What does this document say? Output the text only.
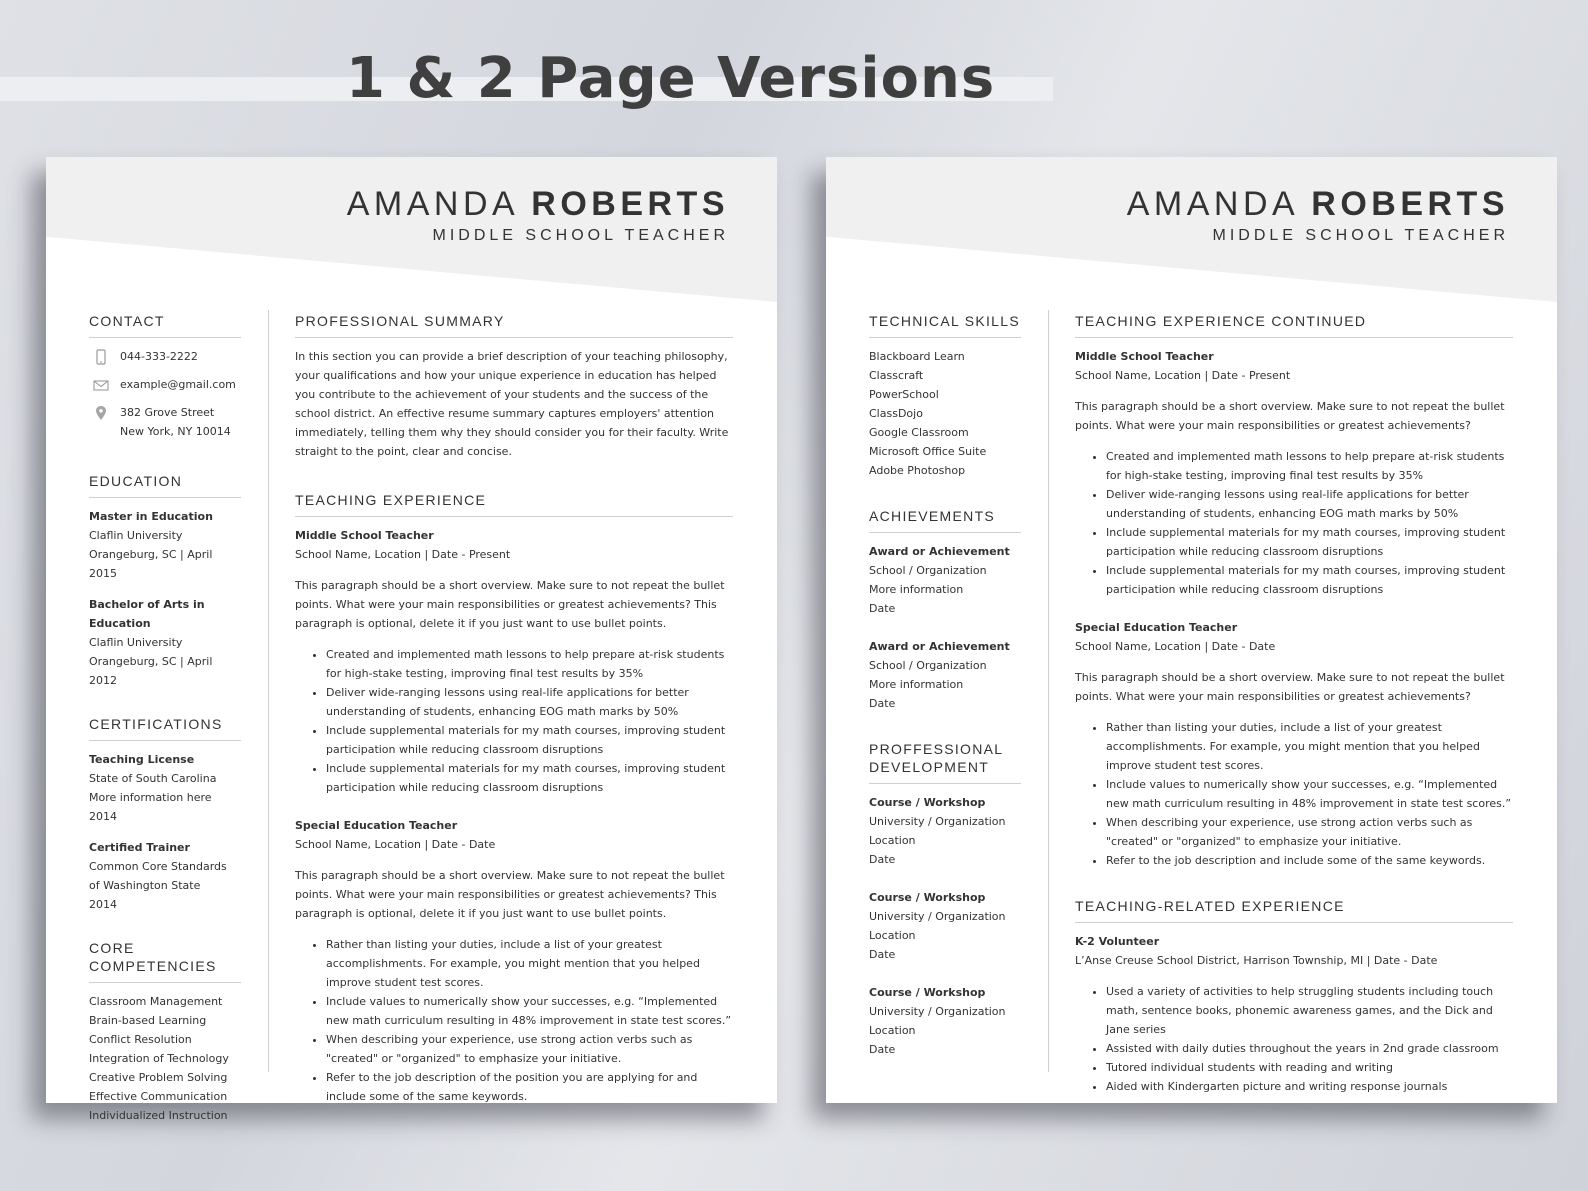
1 & 2 Page Versions
AMANDA ROBERTS
MIDDLE SCHOOL TEACHER
CONTACT
044-333-2222
example@gmail.com
382 Grove Street
New York, NY 10014
EDUCATION

Master in Education

Claflin University

Orangeburg, SC | April 2015

Bachelor of Arts in Education

Claflin University

Orangeburg, SC | April 2012

CERTIFICATIONS

Teaching License

State of South Carolina

More information here

2014

Certified Trainer

Common Core Standards

of Washington State

2014

CORE COMPETENCIES

Classroom Management

Brain-based Learning

Conflict Resolution

Integration of Technology

Creative Problem Solving

Effective Communication

Individualized Instruction

PROFESSIONAL SUMMARY

In this section you can provide a brief description of your teaching philosophy, your qualifications and how your unique experience in education has helped you contribute to the achievement of your students and the success of the school district. An effective resume summary captures employers' attention immediately, telling them why they should consider you for their faculty. Write straight to the point, clear and concise.

TEACHING EXPERIENCE

Middle School Teacher

School Name, Location | Date - Present

This paragraph should be a short overview. Make sure to not repeat the bullet points. What were your main responsibilities or greatest achievements? This paragraph is optional, delete it if you just want to use bullet points.

• Created and implemented math lessons to help prepare at-risk students for high-stake testing, improving final test results by 35%
• Deliver wide-ranging lessons using real-life applications for better understanding of students, enhancing EOG math marks by 50%
• Include supplemental materials for my math courses, improving student participation while reducing classroom disruptions
• Include supplemental materials for my math courses, improving student participation while reducing classroom disruptions

Special Education Teacher

School Name, Location | Date - Date

This paragraph should be a short overview. Make sure to not repeat the bullet points. What were your main responsibilities or greatest achievements? This paragraph is optional, delete it if you just want to use bullet points.

• Rather than listing your duties, include a list of your greatest accomplishments. For example, you might mention that you helped improve student test scores.
• Include values to numerically show your successes, e.g. “Implemented new math curriculum resulting in 48% improvement in state test scores.”
• When describing your experience, use strong action verbs such as "created" or "organized" to emphasize your initiative.
• Refer to the job description of the position you are applying for and include some of the same keywords.
AMANDA ROBERTS
MIDDLE SCHOOL TEACHER
TECHNICAL SKILLS

Blackboard Learn

Classcraft

PowerSchool

ClassDojo

Google Classroom

Microsoft Office Suite

Adobe Photoshop

ACHIEVEMENTS

Award or Achievement

School / Organization

More information

Date

Award or Achievement

School / Organization

More information

Date

PROFFESSIONAL DEVELOPMENT

Course / Workshop

University / Organization

Location

Date

Course / Workshop

University / Organization

Location

Date

Course / Workshop

University / Organization

Location

Date

TEACHING EXPERIENCE CONTINUED

Middle School Teacher

School Name, Location | Date - Present

This paragraph should be a short overview. Make sure to not repeat the bullet points. What were your main responsibilities or greatest achievements?

• Created and implemented math lessons to help prepare at-risk students for high-stake testing, improving final test results by 35%
• Deliver wide-ranging lessons using real-life applications for better understanding of students, enhancing EOG math marks by 50%
• Include supplemental materials for my math courses, improving student participation while reducing classroom disruptions
• Include supplemental materials for my math courses, improving student participation while reducing classroom disruptions

Special Education Teacher

School Name, Location | Date - Date

This paragraph should be a short overview. Make sure to not repeat the bullet points. What were your main responsibilities or greatest achievements?

• Rather than listing your duties, include a list of your greatest accomplishments. For example, you might mention that you helped improve student test scores.
• Include values to numerically show your successes, e.g. “Implemented new math curriculum resulting in 48% improvement in state test scores.”
• When describing your experience, use strong action verbs such as "created" or "organized" to emphasize your initiative.
• Refer to the job description and include some of the same keywords.
TEACHING-RELATED EXPERIENCE

K-2 Volunteer

L’Anse Creuse School District, Harrison Township, MI | Date - Date

• Used a variety of activities to help struggling students including touch math, sentence books, phonemic awareness games, and the Dick and Jane series
• Assisted with daily duties throughout the years in 2nd grade classroom
• Tutored individual students with reading and writing
• Aided with Kindergarten picture and writing response journals
